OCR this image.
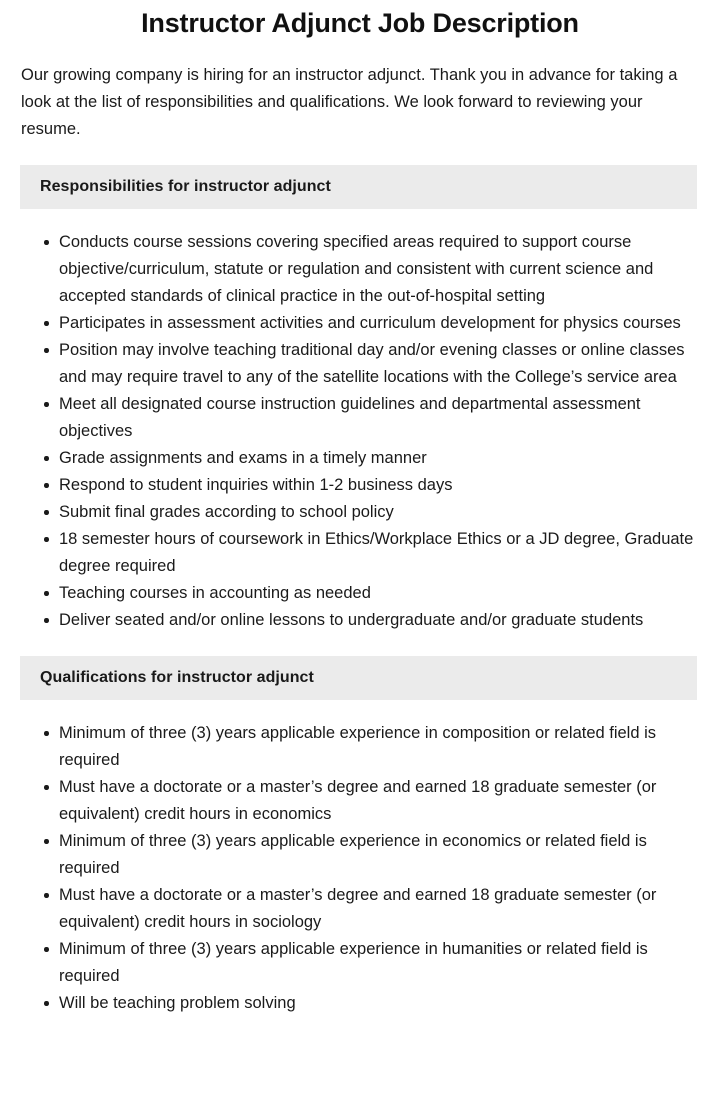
Instructor Adjunct Job Description

Our growing company is hiring for an instructor adjunct. Thank you in advance for taking a look at the list of responsibilities and qualifications. We look forward to reviewing your resume.

Responsibilities for instructor adjunct
Conducts course sessions covering specified areas required to support course objective/curriculum, statute or regulation and consistent with current science and accepted standards of clinical practice in the out-of-hospital setting
Participates in assessment activities and curriculum development for physics courses
Position may involve teaching traditional day and/or evening classes or online classes and may require travel to any of the satellite locations with the College’s service area
Meet all designated course instruction guidelines and departmental assessment objectives
Grade assignments and exams in a timely manner
Respond to student inquiries within 1-2 business days
Submit final grades according to school policy
18 semester hours of coursework in Ethics/Workplace Ethics or a JD degree, Graduate degree required
Teaching courses in accounting as needed
Deliver seated and/or online lessons to undergraduate and/or graduate students
Qualifications for instructor adjunct
Minimum of three (3) years applicable experience in composition or related field is required
Must have a doctorate or a master’s degree and earned 18 graduate semester (or equivalent) credit hours in economics
Minimum of three (3) years applicable experience in economics or related field is required
Must have a doctorate or a master’s degree and earned 18 graduate semester (or equivalent) credit hours in sociology
Minimum of three (3) years applicable experience in humanities or related field is required
Will be teaching problem solving
